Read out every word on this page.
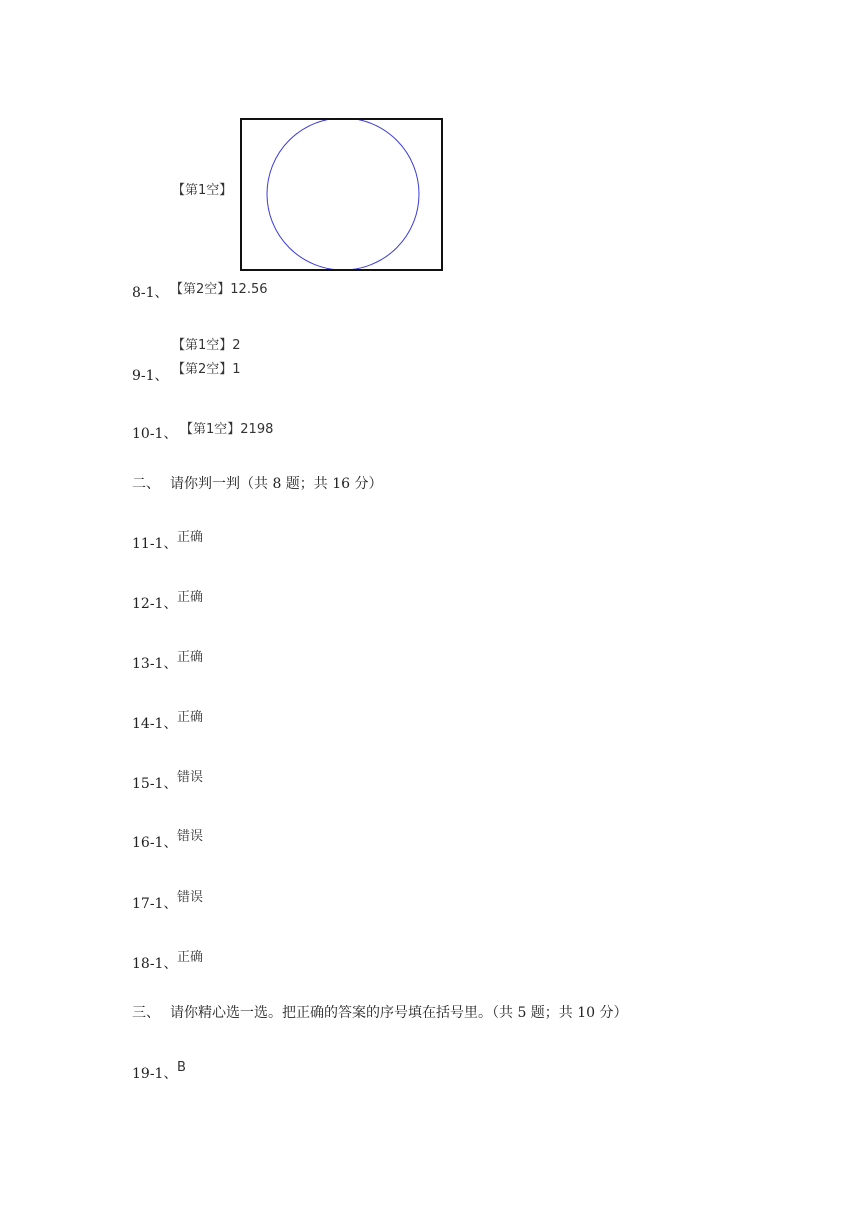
【第1空】
8-1、 【第2空】12.56
【第1空】2
9-1、 【第2空】1
10-1、 【第1空】2198
二、 请你判一判（共 8 题；共 16 分）
11-1、 正确
12-1、 正确
13-1、 正确
14-1、 正确
15-1、 错误
16-1、 错误
17-1、 错误
18-1、 正确
三、 请你精心选一选。把正确的答案的序号填在括号里。（共 5 题；共 10 分）
19-1、 B
